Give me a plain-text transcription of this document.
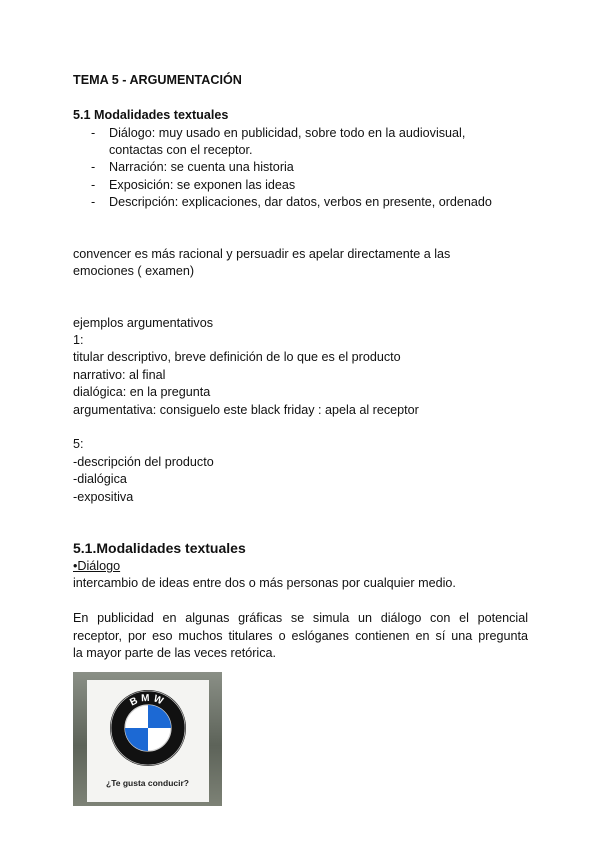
TEMA 5 - ARGUMENTACIÓN
5.1 Modalidades textuales
- Diálogo: muy usado en publicidad, sobre todo en la audiovisual,
contactas con el receptor.
- Narración: se cuenta una historia
- Exposición: se exponen las ideas
- Descripción: explicaciones, dar datos, verbos en presente, ordenado
convencer es más racional y persuadir es apelar directamente a las
emociones ( examen)
ejemplos argumentativos
1:
titular descriptivo, breve definición de lo que es el producto
narrativo: al final
dialógica: en la pregunta
argumentativa: consiguelo este black friday : apela al receptor
5:
-descripción del producto
-dialógica
-expositiva
5.1.Modalidades textuales
•Diálogo
intercambio de ideas entre dos o más personas por cualquier medio.
En publicidad en algunas gráficas se simula un diálogo con el potencial
receptor, por eso muchos titulares o eslóganes contienen en sí una pregunta
la mayor parte de las veces retórica.
BMW
¿Te gusta conducir?
